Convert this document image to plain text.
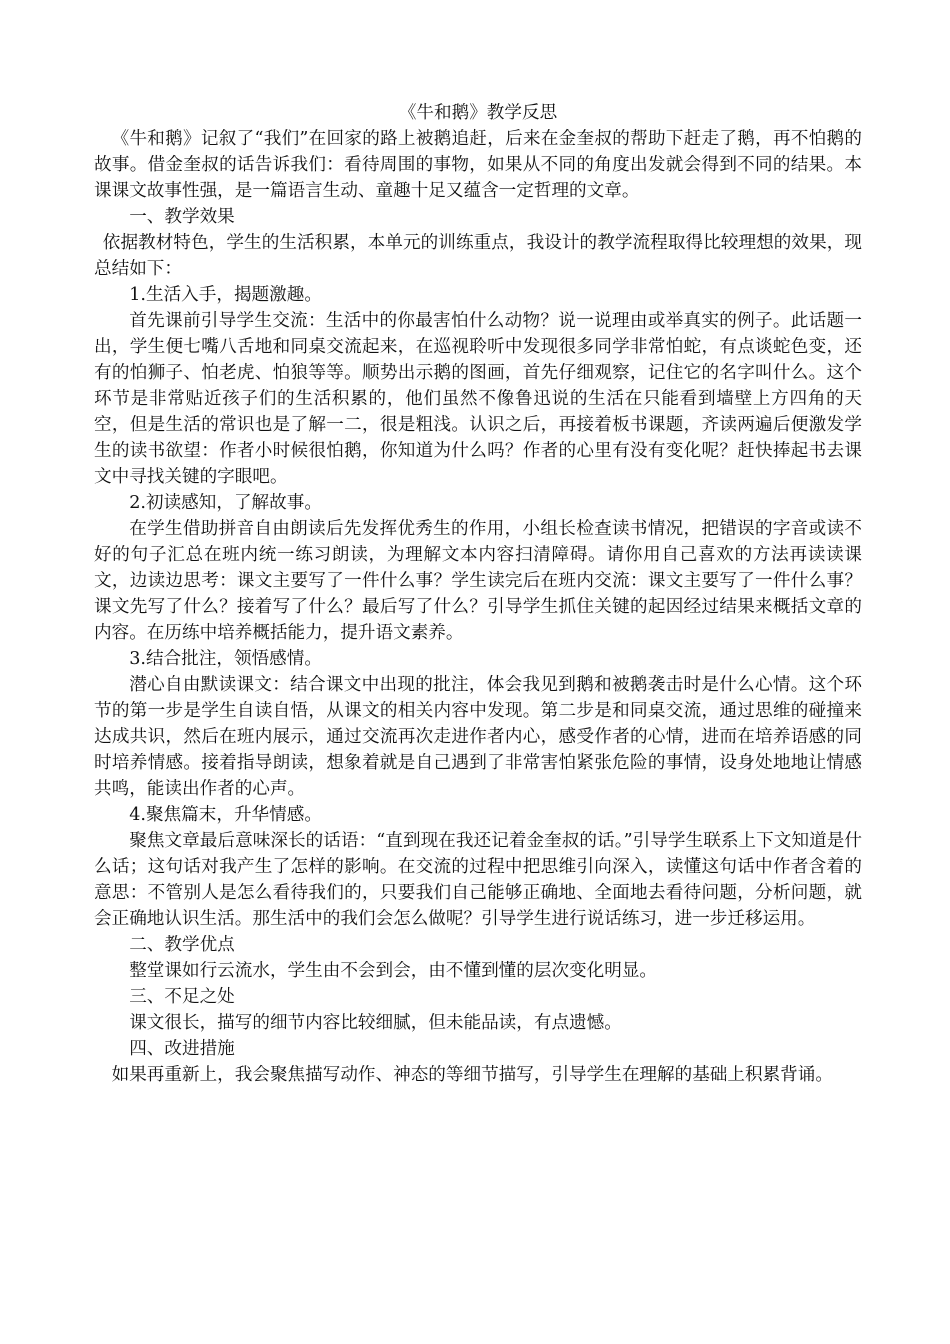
《牛和鹅》教学反思

《牛和鹅》记叙了“我们”在回家的路上被鹅追赶，后来在金奎叔的帮助下赶走了鹅，再不怕鹅的故事。借金奎叔的话告诉我们：看待周围的事物，如果从不同的角度出发就会得到不同的结果。本课课文故事性强，是一篇语言生动、童趣十足又蕴含一定哲理的文章。

一、教学效果

依据教材特色，学生的生活积累，本单元的训练重点，我设计的教学流程取得比较理想的效果，现总结如下：

1.生活入手，揭题激趣。

首先课前引导学生交流：生活中的你最害怕什么动物？说一说理由或举真实的例子。此话题一出，学生便七嘴八舌地和同桌交流起来，在巡视聆听中发现很多同学非常怕蛇，有点谈蛇色变，还有的怕狮子、怕老虎、怕狼等等。顺势出示鹅的图画，首先仔细观察，记住它的名字叫什么。这个环节是非常贴近孩子们的生活积累的，他们虽然不像鲁迅说的生活在只能看到墙壁上方四角的天空，但是生活的常识也是了解一二，很是粗浅。认识之后，再接着板书课题，齐读两遍后便激发学生的读书欲望：作者小时候很怕鹅，你知道为什么吗？作者的心里有没有变化呢？赶快捧起书去课文中寻找关键的字眼吧。

2.初读感知，了解故事。

在学生借助拼音自由朗读后先发挥优秀生的作用，小组长检查读书情况，把错误的字音或读不好的句子汇总在班内统一练习朗读，为理解文本内容扫清障碍。请你用自己喜欢的方法再读读课文，边读边思考：课文主要写了一件什么事？学生读完后在班内交流：课文主要写了一件什么事？课文先写了什么？接着写了什么？最后写了什么？引导学生抓住关键的起因经过结果来概括文章的内容。在历练中培养概括能力，提升语文素养。

3.结合批注，领悟感情。

潜心自由默读课文：结合课文中出现的批注，体会我见到鹅和被鹅袭击时是什么心情。这个环节的第一步是学生自读自悟，从课文的相关内容中发现。第二步是和同桌交流，通过思维的碰撞来达成共识，然后在班内展示，通过交流再次走进作者内心，感受作者的心情，进而在培养语感的同时培养情感。接着指导朗读，想象着就是自己遇到了非常害怕紧张危险的事情，设身处地地让情感共鸣，能读出作者的心声。

4.聚焦篇末，升华情感。

聚焦文章最后意味深长的话语：“直到现在我还记着金奎叔的话。”引导学生联系上下文知道是什么话；这句话对我产生了怎样的影响。在交流的过程中把思维引向深入，读懂这句话中作者含着的意思：不管别人是怎么看待我们的，只要我们自己能够正确地、全面地去看待问题，分析问题，就会正确地认识生活。那生活中的我们会怎么做呢？引导学生进行说话练习，进一步迁移运用。

二、教学优点

整堂课如行云流水，学生由不会到会，由不懂到懂的层次变化明显。

三、不足之处

课文很长，描写的细节内容比较细腻，但未能品读，有点遗憾。

四、改进措施

如果再重新上，我会聚焦描写动作、神态的等细节描写，引导学生在理解的基础上积累背诵。
